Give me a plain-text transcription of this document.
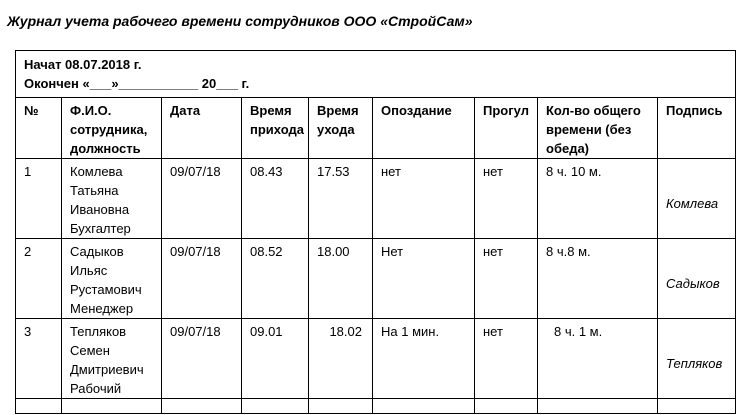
Журнал учета рабочего времени сотрудников ООО «СтройСам»
Начат 08.07.2018 г.
Окончен «___»___________ 20___ г.								

№	Ф.И.О. сотрудника, должность	Дата	Время прихода	Время ухода	Опоздание	Прогул	Кол-во общего времени (без обеда)	Подпись
1	Комлева
Татьяна
Ивановна
Бухгалтер	09/07/18	08.43	17.53	нет	нет	8 ч. 10 м.	Комлева

2	Садыков
Ильяс
Рустамович
Менеджер	09/07/18	08.52	18.00	Нет	нет	8 ч.8 м.	Садыков

3	Тепляков
Семен
Дмитриевич
Рабочий	09/07/18	09.01	18.02	На 1 мин.	нет	8 ч. 1 м.	Тепляков
